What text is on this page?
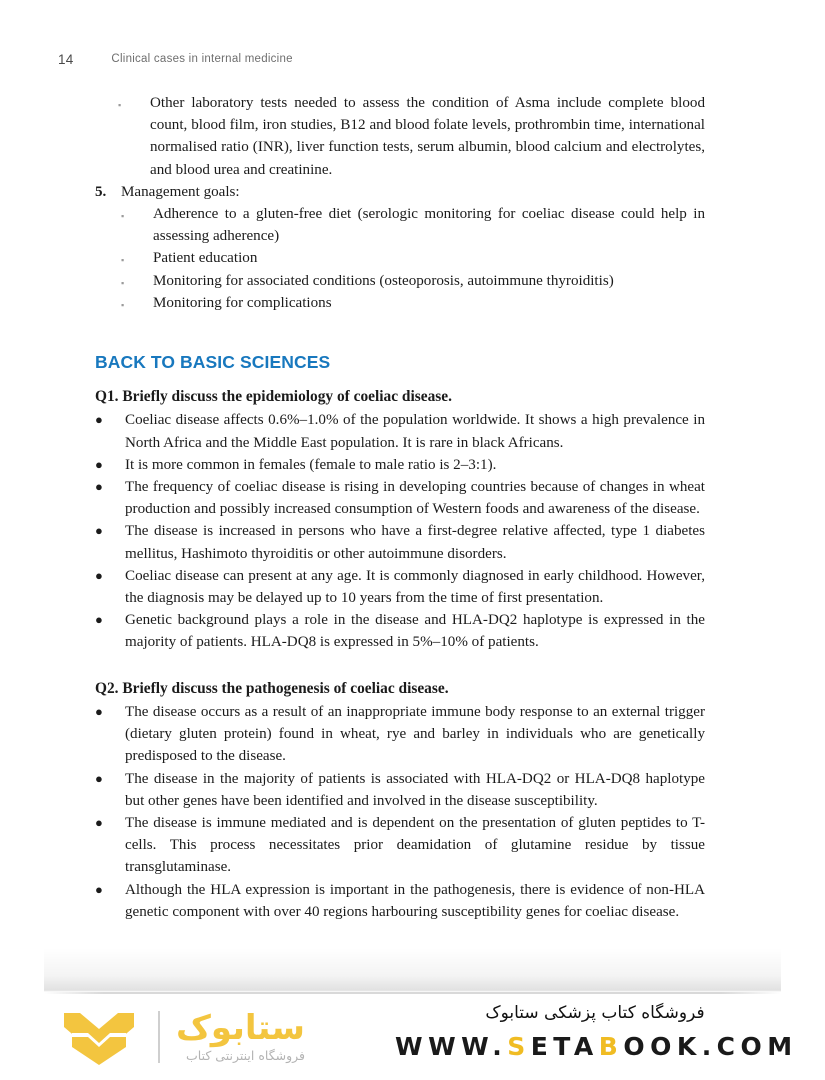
14	Clinical cases in internal medicine
▪	Other laboratory tests needed to assess the condition of Asma include complete blood count, blood film, iron studies, B12 and blood folate levels, prothrombin time, international normalised ratio (INR), liver function tests, serum albumin, blood calcium and electrolytes, and blood urea and creatinine.
5. Management goals:
▪	Adherence to a gluten-free diet (serologic monitoring for coeliac disease could help in assessing adherence)
▪	Patient education
▪	Monitoring for associated conditions (osteoporosis, autoimmune thyroiditis)
▪	Monitoring for complications
BACK TO BASIC SCIENCES
Q1. Briefly discuss the epidemiology of coeliac disease.
●	Coeliac disease affects 0.6%–1.0% of the population worldwide. It shows a high prevalence in North Africa and the Middle East population. It is rare in black Africans.
●	It is more common in females (female to male ratio is 2–3:1).
●	The frequency of coeliac disease is rising in developing countries because of changes in wheat production and possibly increased consumption of Western foods and awareness of the disease.
●	The disease is increased in persons who have a first-degree relative affected, type 1 diabetes mellitus, Hashimoto thyroiditis or other autoimmune disorders.
●	Coeliac disease can present at any age. It is commonly diagnosed in early childhood. However, the diagnosis may be delayed up to 10 years from the time of first presentation.
●	Genetic background plays a role in the disease and HLA-DQ2 haplotype is expressed in the majority of patients. HLA-DQ8 is expressed in 5%–10% of patients.
Q2. Briefly discuss the pathogenesis of coeliac disease.
●	The disease occurs as a result of an inappropriate immune body response to an external trigger (dietary gluten protein) found in wheat, rye and barley in individuals who are genetically predisposed to the disease.
●	The disease in the majority of patients is associated with HLA-DQ2 or HLA-DQ8 haplotype but other genes have been identified and involved in the disease susceptibility.
●	The disease is immune mediated and is dependent on the presentation of gluten peptides to T-cells. This process necessitates prior deamidation of glutamine residue by tissue transglutaminase.
●	Although the HLA expression is important in the pathogenesis, there is evidence of non-HLA genetic component with over 40 regions harbouring susceptibility genes for coeliac disease.
ستابوک
فروشگاه اینترنتی کتاب
فروشگاه کتاب پزشکی ستابوک
WWW.SETABOOK.COM
